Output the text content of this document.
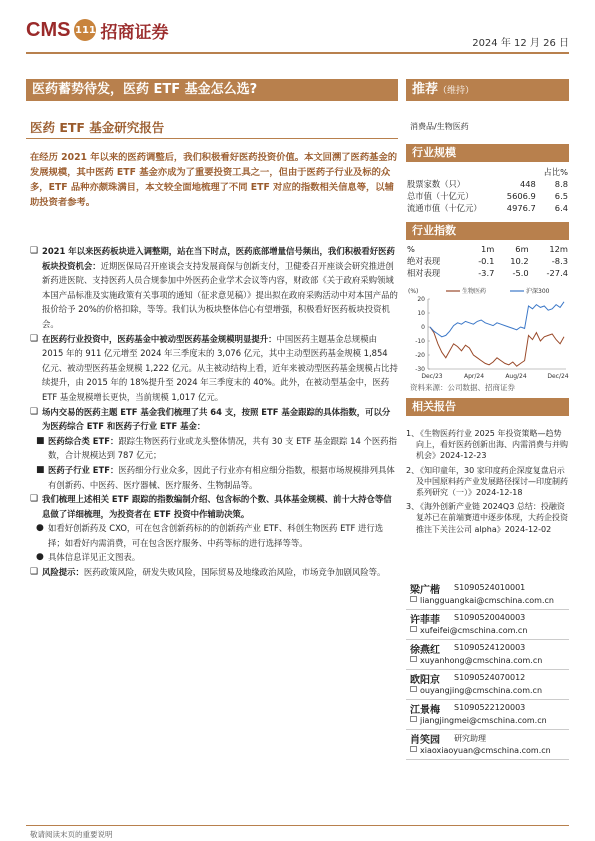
CMS 111 招商证券
2024 年 12 月 26 日
医药蓄势待发，医药 ETF 基金怎么选?	推荐（维持）
医药 ETF 基金研究报告	消费品/生物医药
在经历 2021 年以来的医药调整后，我们积极看好医药投资价值。本文回溯了医药基金的发展规模，其中医药 ETF 基金亦成为了重要投资工具之一，但由于医药子行业及标的众多，ETF 品种亦颇珠满目，本文较全面地梳理了不同 ETF 对应的指数相关信息等，以辅助投资者参考。
❑ 2021 年以来医药板块进入调整期，站在当下时点，医药底部增量信号频出，我们积极看好医药板块投资机会：近期医保局召开座谈会支持发展商保与创新支付，卫健委召开座谈会研究推进创新药进医院、支持医药人员合规参加中外医药企业学术会议等内容，财政部《关于政府采购领域本国产品标准及实施政策有关事项的通知（征求意见稿）》提出拟在政府采购活动中对本国产品的报价给予 20%的价格扣除，等等。我们认为板块整体信心有望增强，积极看好医药板块投资机会。
❑ 在医药行业投资中，医药基金中被动型医药基金规模明显提升：中国医药主题基金总规模由 2015 年的 911 亿元增至 2024 年三季度末的 3,076 亿元，其中主动型医药基金规模 1,854 亿元、被动型医药基金规模 1,222 亿元。从主被动结构上看，近年来被动型医药基金规模占比持续提升，由 2015 年的 18%提升至 2024 年三季度末的 40%。此外，在被动型基金中，医药 ETF 基金规模增长更快，当前规模 1,017 亿元。
❑ 场内交易的医药主题 ETF 基金我们梳理了共 64 支，按照 ETF 基金跟踪的具体指数，可以分为医药综合 ETF 和医药子行业 ETF 基金：
■ 医药综合类 ETF：跟踪生物医药行业或龙头整体情况，共有 30 支 ETF 基金跟踪 14 个医药指数，合计规模达到 787 亿元；
■ 医药子行业 ETF：医药细分行业众多，因此子行业亦有相应细分指数，根据市场规模排列具体有创新药、中医药、医疗器械、医疗服务、生物制品等。
❑ 我们梳理上述相关 ETF 跟踪的指数编制介绍、包含标的个数、具体基金规模、前十大持仓等信息做了详细梳理，为投资者在 ETF 投资中作辅助决策。
● 如看好创新药及 CXO，可在包含创新药标的的创新药产业 ETF、科创生物医药 ETF 进行选择；如看好内需消费，可在包含医疗服务、中药等标的进行选择等等。
● 具体信息详见正文图表。
❑ 风险提示：医药政策风险，研发失败风险，国际贸易及地缘政治风险，市场竞争加剧风险等。
行业规模
		占比%
股票家数（只）	448	8.8
总市值（十亿元）	5606.9	6.5
流通市值（十亿元）	4976.7	6.4
行业指数
%	1m	6m	12m
绝对表现	-0.1	10.2	-8.3
相对表现	-3.7	-5.0	-27.4
(%)	生物医药	沪深300
20
10
0
-10
-20
-30
Dec/23	Apr/24	Aug/24	Dec/24
资料来源：公司数据、招商证券
相关报告
1、
《生物医药行业 2025 年投资策略—趋势向上，看好医药创新出海、内需消费与并购机会》2024-12-23
2、
《知印童年，30 家印度药企深度复盘启示及中国原料药产业发展路径探讨—印度制药系列研究（一）》2024-12-18
3、
《海外创新产业链 2024Q3 总结：投融资复苏已在前端赛道中逐步体现，大药企投资推注下关注公司 alpha》2024-12-02
梁广楷 S1090524010001
liangguangkai@cmschina.com.cn
许菲菲 S1090520040003
xufeifei@cmschina.com.cn
徐燕红 S1090524120003
xuyanhong@cmschina.com.cn
欧阳京 S1090524070012
ouyangjing@cmschina.com.cn
江景梅 S1090522120003
jiangjingmei@cmschina.com.cn
肖笑园 研究助理
xiaoxiaoyuan@cmschina.com.cn
敬请阅读末页的重要说明
